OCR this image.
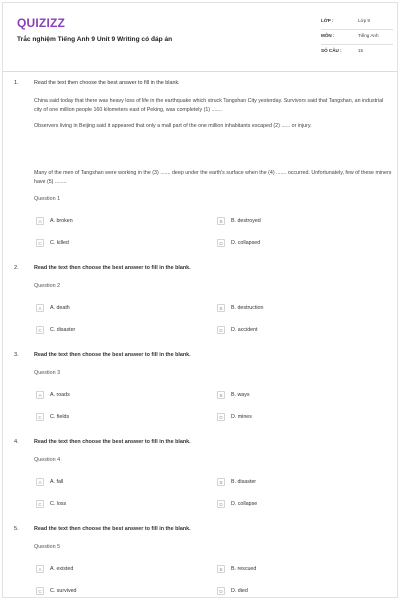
QUIZIZZ
Trắc nghiệm Tiếng Anh 9 Unit 9 Writing có đáp án
LỚP :	Lớp 9
MÔN :	Tiếng Anh
SỐ CÂU :	15
1.	Read the text then choose the best answer to fill in the blank.
China said today that there was heavy loss of life in the earthquake which struck Tangshan City yesterday. Survivors said that Tangshan, an industrial city of one million people 160 kilometers east of Peking, was completely (1) .......
Observers living in Beijing said it appeared that only a mall part of the one million inhabitants escaped (2) ...... or injury.
Many of the men of Tangshan were working in the (3) ....... deep under the earth's surface when the (4) ....... occurred. Unfortunately, few of these miners have (5) ........
Question 1
A	A. broken	B	B. destroyed
C	C. killed	D	D. collapsed
2.	Read the text then choose the best answer to fill in the blank.
Question 2
A	A. death	B	B. destruction
C	C. disaster	D	D. accident
3.	Read the text then choose the best answer to fill in the blank.
Question 3
A	A. roads	B	B. ways
C	C. fields	D	D. mines
4.	Read the text then choose the best answer to fill in the blank.
Question 4
A	A. fall	B	B. disaster
C	C. loss	D	D. collapse
5.	Read the text then choose the best answer to fill in the blank.
Question 5
A	A. existed	B	B. rescued
C	C. survived	D	D. died
